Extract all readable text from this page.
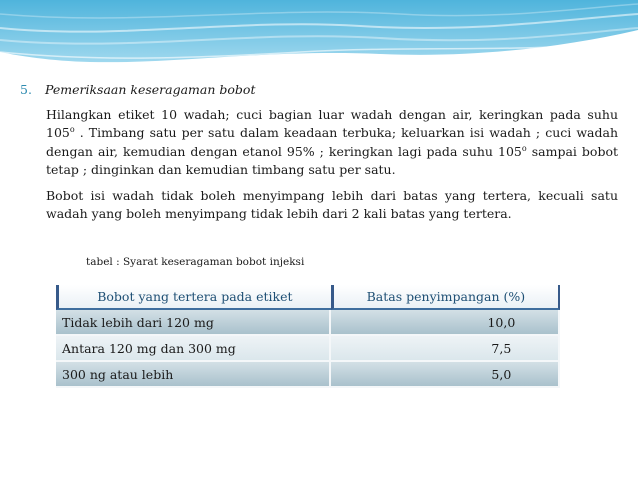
5. Pemeriksaan keseragaman bobot

Hilangkan etiket 10 wadah; cuci bagian luar wadah dengan air, keringkan pada suhu 105$^o$ . Timbang satu per satu dalam keadaan terbuka; keluarkan isi wadah ; cuci wadah dengan air, kemudian dengan etanol 95% ; keringkan lagi pada suhu 105$^o$ sampai bobot tetap ; dinginkan dan kemudian timbang satu per satu.

Bobot isi wadah tidak boleh menyimpang lebih dari batas yang tertera, kecuali satu wadah yang boleh menyimpang tidak lebih dari 2 kali batas yang tertera.

tabel : Syarat keseragaman bobot injeksi
Bobot yang tertera pada etiket	Batas penyimpangan (%)
Tidak lebih dari 120 mg	10,0
Antara 120 mg dan 300 mg	7,5
300 ng atau lebih	5,0
